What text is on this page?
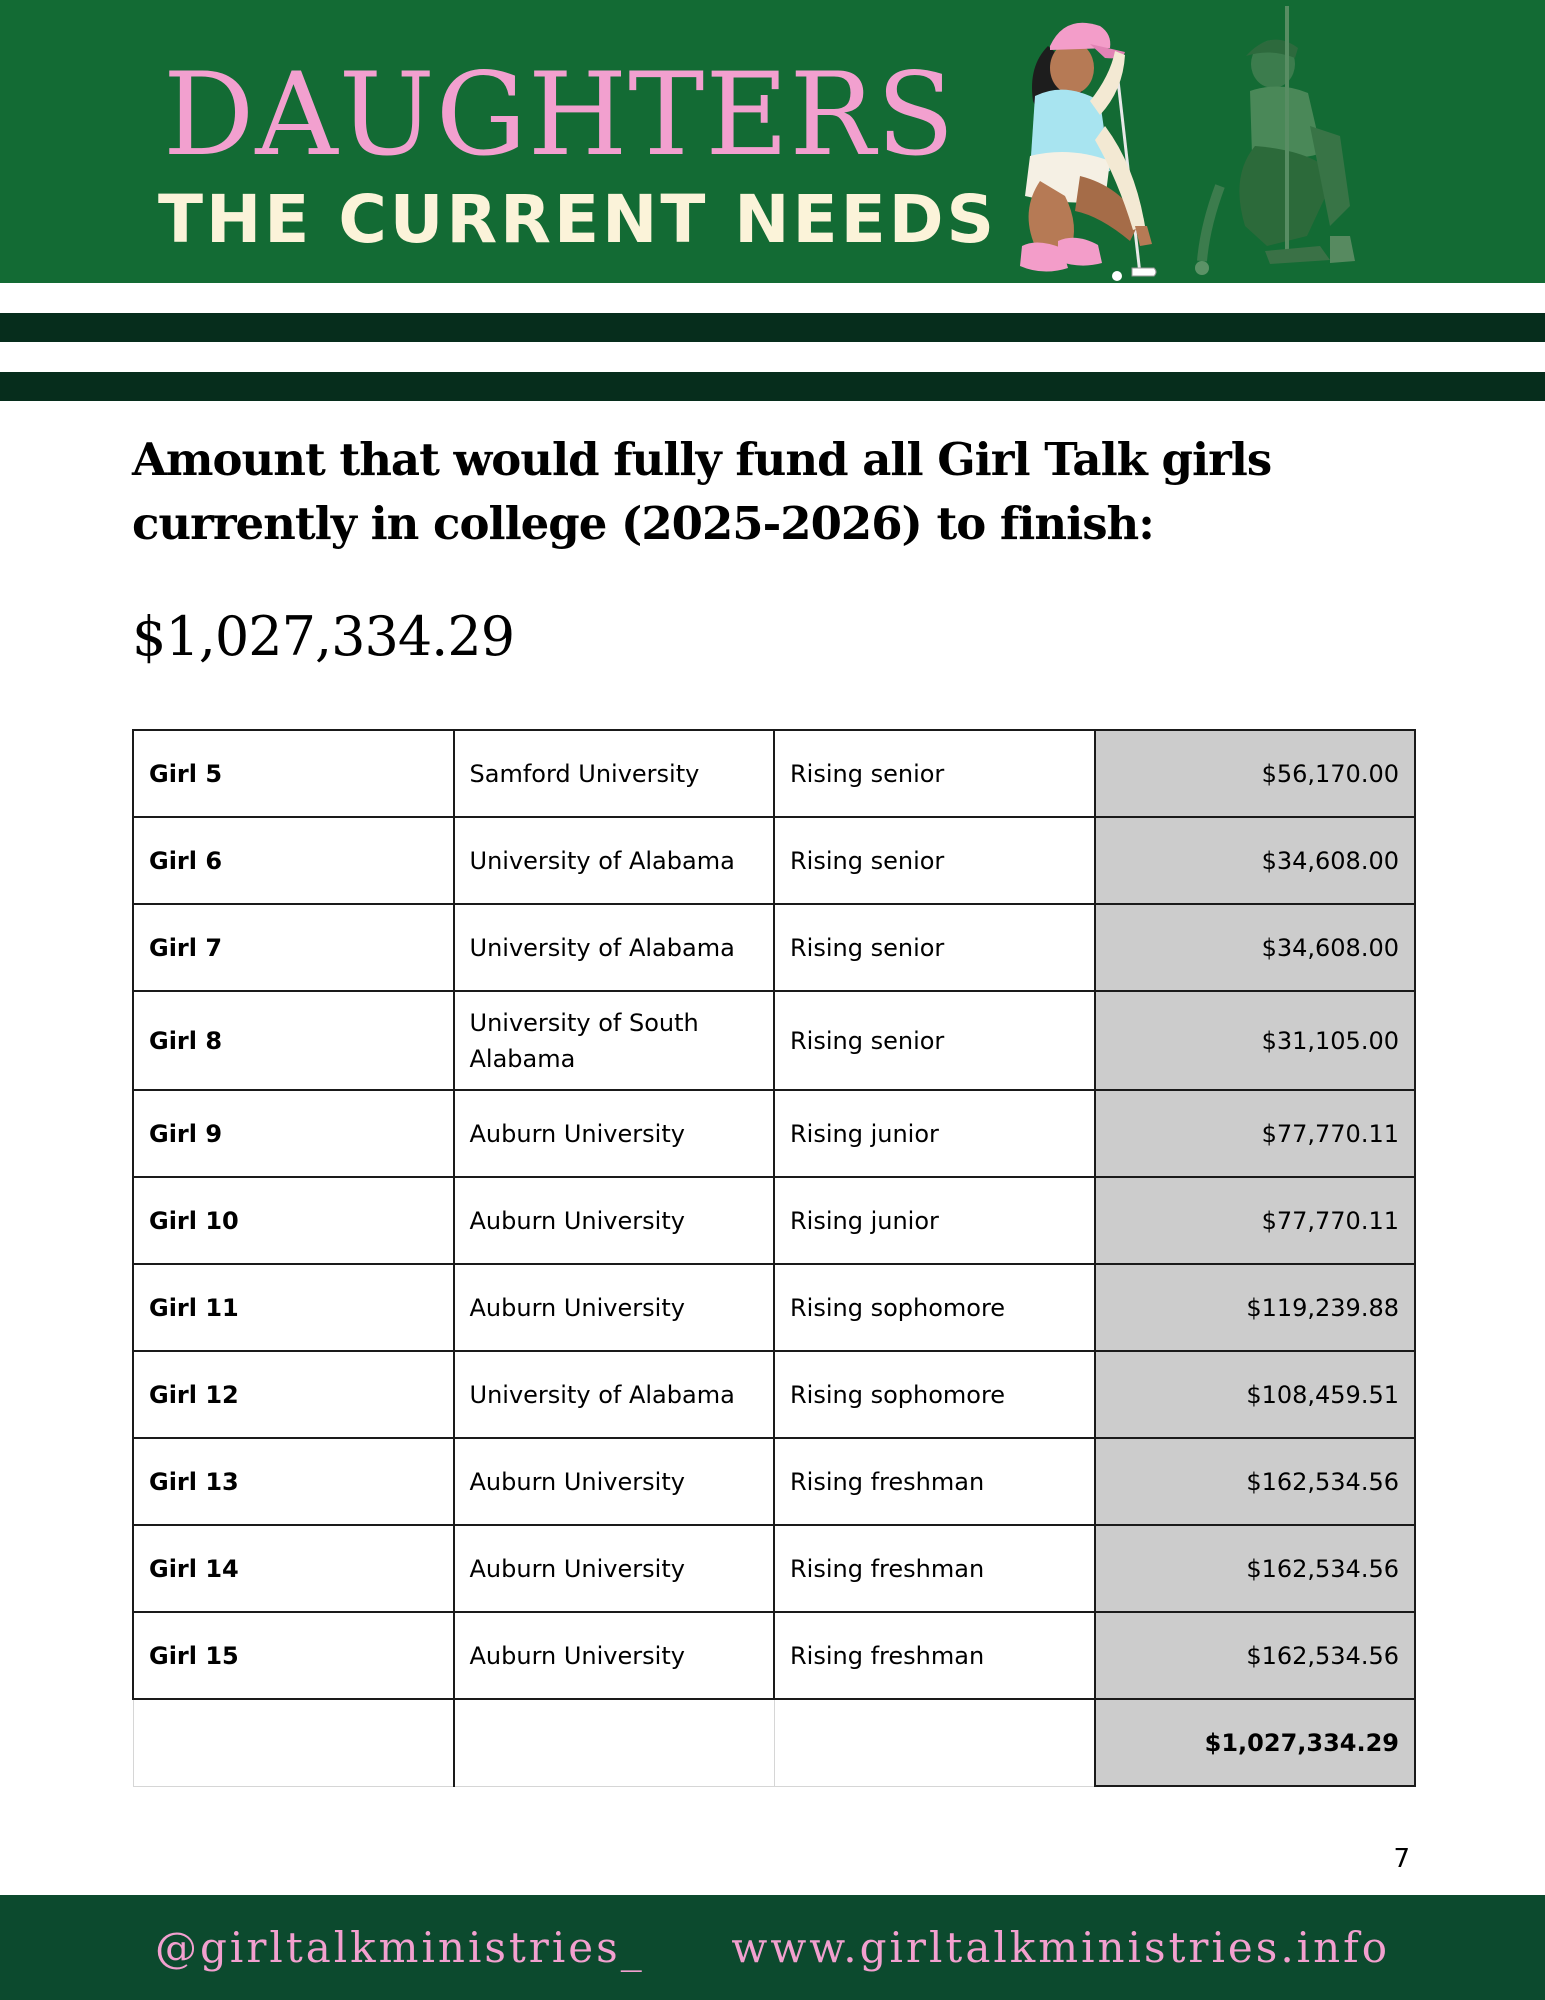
DAUGHTERS
THE CURRENT NEEDS
Amount that would fully fund all Girl Talk girls currently in college (2025-2026) to finish:
$1,027,334.29
Girl 5	Samford University	Rising senior	$56,170.00
Girl 6	University of Alabama	Rising senior	$34,608.00
Girl 7	University of Alabama	Rising senior	$34,608.00
Girl 8	University of South Alabama	Rising senior	$31,105.00
Girl 9	Auburn University	Rising junior	$77,770.11
Girl 10	Auburn University	Rising junior	$77,770.11
Girl 11	Auburn University	Rising sophomore	$119,239.88
Girl 12	University of Alabama	Rising sophomore	$108,459.51
Girl 13	Auburn University	Rising freshman	$162,534.56
Girl 14	Auburn University	Rising freshman	$162,534.56
Girl 15	Auburn University	Rising freshman	$162,534.56
			$1,027,334.29
7
@girltalkministries_ www.girltalkministries.info
